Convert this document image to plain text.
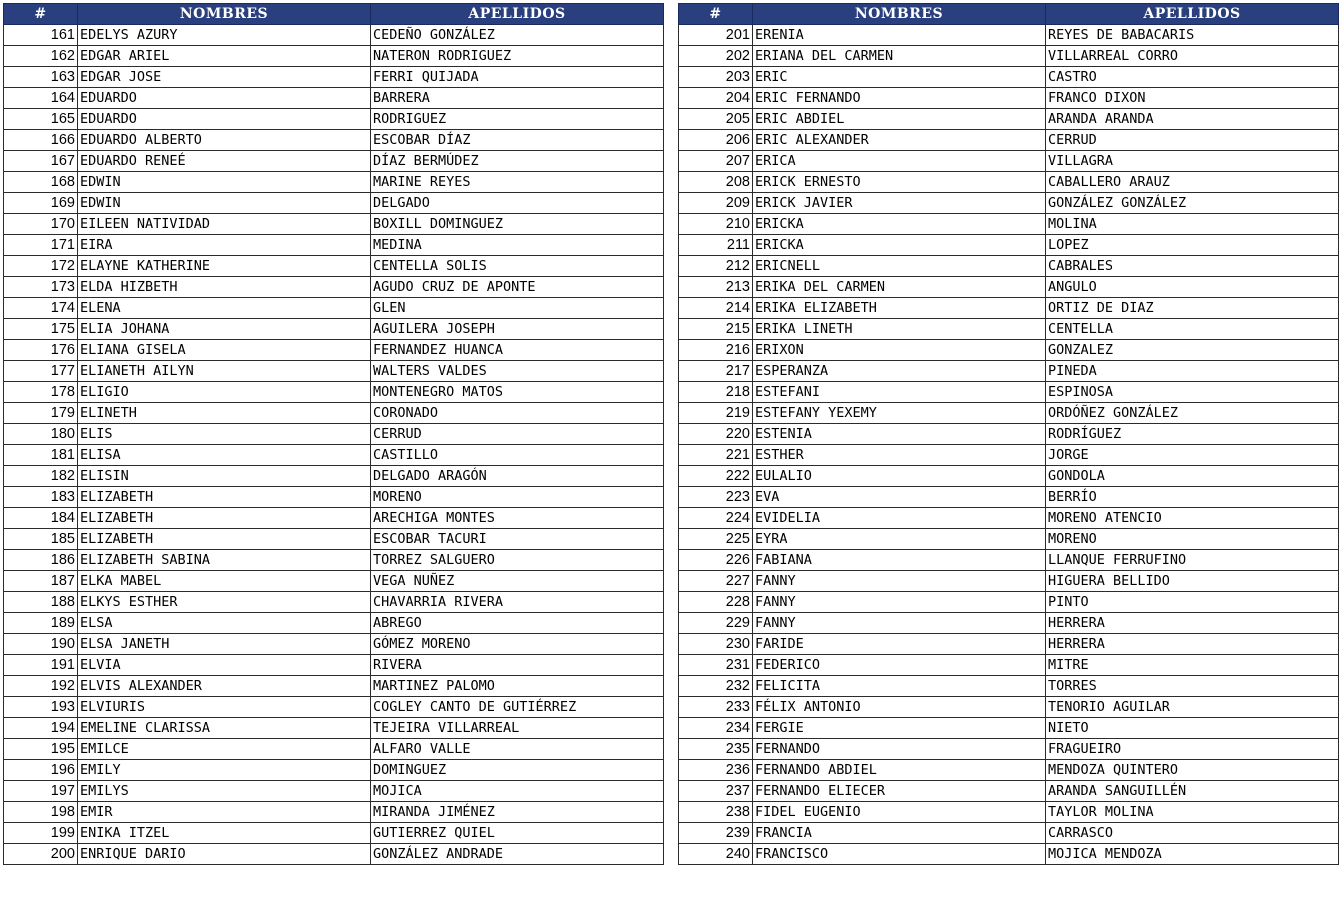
#	NOMBRES	APELLIDOS
161	EDELYS AZURY	CEDEÑO GONZÁLEZ
162	EDGAR ARIEL	NATERON RODRIGUEZ
163	EDGAR JOSE	FERRI QUIJADA
164	EDUARDO	BARRERA
165	EDUARDO	RODRIGUEZ
166	EDUARDO ALBERTO	ESCOBAR DÍAZ
167	EDUARDO RENEÉ	DÍAZ BERMÚDEZ
168	EDWIN	MARINE REYES
169	EDWIN	DELGADO
170	EILEEN NATIVIDAD	BOXILL DOMINGUEZ
171	EIRA	MEDINA
172	ELAYNE KATHERINE	CENTELLA SOLIS
173	ELDA HIZBETH	AGUDO CRUZ DE APONTE
174	ELENA	GLEN
175	ELIA JOHANA	AGUILERA JOSEPH
176	ELIANA GISELA	FERNANDEZ HUANCA
177	ELIANETH AILYN	WALTERS VALDES
178	ELIGIO	MONTENEGRO MATOS
179	ELINETH	CORONADO
180	ELIS	CERRUD
181	ELISA	CASTILLO
182	ELISIN	DELGADO ARAGÓN
183	ELIZABETH	MORENO
184	ELIZABETH	ARECHIGA MONTES
185	ELIZABETH	ESCOBAR TACURI
186	ELIZABETH SABINA	TORREZ SALGUERO
187	ELKA MABEL	VEGA NUÑEZ
188	ELKYS ESTHER	CHAVARRIA RIVERA
189	ELSA	ABREGO
190	ELSA JANETH	GÓMEZ MORENO
191	ELVIA	RIVERA
192	ELVIS ALEXANDER	MARTINEZ PALOMO
193	ELVIURIS	COGLEY CANTO DE GUTIÉRREZ
194	EMELINE CLARISSA	TEJEIRA VILLARREAL
195	EMILCE	ALFARO VALLE
196	EMILY	DOMINGUEZ
197	EMILYS	MOJICA
198	EMIR	MIRANDA JIMÉNEZ
199	ENIKA ITZEL	GUTIERREZ QUIEL
200	ENRIQUE DARIO	GONZÁLEZ ANDRADE
#	NOMBRES	APELLIDOS
201	ERENIA	REYES DE BABACARIS
202	ERIANA DEL CARMEN	VILLARREAL CORRO
203	ERIC	CASTRO
204	ERIC FERNANDO	FRANCO DIXON
205	ERIC ABDIEL	ARANDA ARANDA
206	ERIC ALEXANDER	CERRUD
207	ERICA	VILLAGRA
208	ERICK ERNESTO	CABALLERO ARAUZ
209	ERICK JAVIER	GONZÁLEZ GONZÁLEZ
210	ERICKA	MOLINA
211	ERICKA	LOPEZ
212	ERICNELL	CABRALES
213	ERIKA DEL CARMEN	ANGULO
214	ERIKA ELIZABETH	ORTIZ DE DIAZ
215	ERIKA LINETH	CENTELLA
216	ERIXON	GONZALEZ
217	ESPERANZA	PINEDA
218	ESTEFANI	ESPINOSA
219	ESTEFANY YEXEMY	ORDÓÑEZ GONZÁLEZ
220	ESTENIA	RODRÍGUEZ
221	ESTHER	JORGE
222	EULALIO	GONDOLA
223	EVA	BERRÍO
224	EVIDELIA	MORENO ATENCIO
225	EYRA	MORENO
226	FABIANA	LLANQUE FERRUFINO
227	FANNY	HIGUERA BELLIDO
228	FANNY	PINTO
229	FANNY	HERRERA
230	FARIDE	HERRERA
231	FEDERICO	MITRE
232	FELICITA	TORRES
233	FÉLIX ANTONIO	TENORIO AGUILAR
234	FERGIE	NIETO
235	FERNANDO	FRAGUEIRO
236	FERNANDO ABDIEL	MENDOZA QUINTERO
237	FERNANDO ELIECER	ARANDA SANGUILLÉN
238	FIDEL EUGENIO	TAYLOR MOLINA
239	FRANCIA	CARRASCO
240	FRANCISCO	MOJICA MENDOZA
